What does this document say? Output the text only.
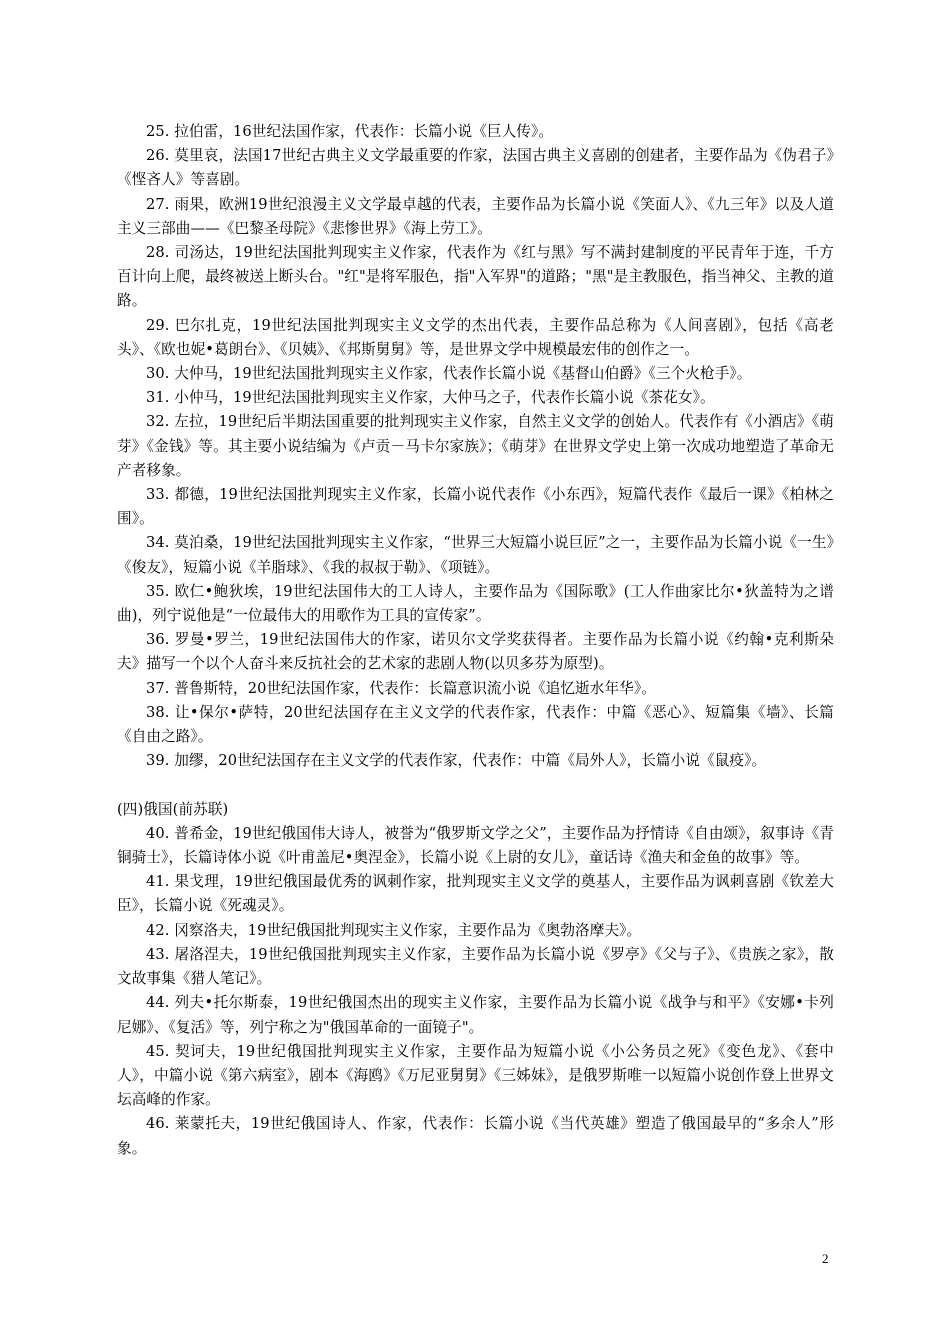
25. 拉伯雷，16世纪法国作家，代表作：长篇小说《巨人传》。

26. 莫里哀，法国17世纪古典主义文学最重要的作家，法国古典主义喜剧的创建者，主要作品为《伪君子》《悭吝人》等喜剧。

27. 雨果，欧洲19世纪浪漫主义文学最卓越的代表，主要作品为长篇小说《笑面人》、《九三年》以及人道主义三部曲——《巴黎圣母院》《悲惨世界》《海上劳工》。

28. 司汤达，19世纪法国批判现实主义作家，代表作为《红与黑》写不满封建制度的平民青年于连，千方百计向上爬，最终被送上断头台。"红"是将军服色，指"入军界"的道路；"黑"是主教服色，指当神父、主教的道路。

29. 巴尔扎克，19世纪法国批判现实主义文学的杰出代表，主要作品总称为《人间喜剧》，包括《高老头》、《欧也妮•葛朗台》、《贝姨》、《邦斯舅舅》等，是世界文学中规模最宏伟的创作之一。

30. 大仲马，19世纪法国批判现实主义作家，代表作长篇小说《基督山伯爵》《三个火枪手》。

31. 小仲马，19世纪法国批判现实主义作家，大仲马之子，代表作长篇小说《茶花女》。

32. 左拉，19世纪后半期法国重要的批判现实主义作家，自然主义文学的创始人。代表作有《小酒店》《萌芽》《金钱》等。其主要小说结编为《卢贡－马卡尔家族》；《萌芽》在世界文学史上第一次成功地塑造了革命无产者移象。

33. 都德，19世纪法国批判现实主义作家，长篇小说代表作《小东西》，短篇代表作《最后一课》《柏林之围》。

34. 莫泊桑，19世纪法国批判现实主义作家，“世界三大短篇小说巨匠”之一，主要作品为长篇小说《一生》《俊友》，短篇小说《羊脂球》、《我的叔叔于勒》、《项链》。

35. 欧仁•鲍狄埃，19世纪法国伟大的工人诗人，主要作品为《国际歌》(工人作曲家比尔•狄盖特为之谱曲)，列宁说他是“一位最伟大的用歌作为工具的宣传家”。

36. 罗曼•罗兰，19世纪法国伟大的作家，诺贝尔文学奖获得者。主要作品为长篇小说《约翰•克利斯朵夫》描写一个以个人奋斗来反抗社会的艺术家的悲剧人物(以贝多芬为原型)。

37. 普鲁斯特，20世纪法国作家，代表作：长篇意识流小说《追忆逝水年华》。

38. 让•保尔•萨特，20世纪法国存在主义文学的代表作家，代表作：中篇《恶心》、短篇集《墙》、长篇《自由之路》。

39. 加缪，20世纪法国存在主义文学的代表作家，代表作：中篇《局外人》，长篇小说《鼠疫》。

(四)俄国(前苏联)

40. 普希金，19世纪俄国伟大诗人，被誉为“俄罗斯文学之父”，主要作品为抒情诗《自由颂》，叙事诗《青铜骑士》，长篇诗体小说《叶甫盖尼•奥涅金》，长篇小说《上尉的女儿》，童话诗《渔夫和金鱼的故事》等。

41. 果戈理，19世纪俄国最优秀的讽刺作家，批判现实主义文学的奠基人，主要作品为讽刺喜剧《钦差大臣》，长篇小说《死魂灵》。

42. 冈察洛夫，19世纪俄国批判现实主义作家，主要作品为《奥勃洛摩夫》。

43. 屠洛涅夫，19世纪俄国批判现实主义作家，主要作品为长篇小说《罗亭》《父与子》、《贵族之家》，散文故事集《猎人笔记》。

44. 列夫•托尔斯泰，19世纪俄国杰出的现实主义作家，主要作品为长篇小说《战争与和平》《安娜•卡列尼娜》、《复活》等，列宁称之为"俄国革命的一面镜子"。

45. 契诃夫，19世纪俄国批判现实主义作家，主要作品为短篇小说《小公务员之死》《变色龙》、《套中人》，中篇小说《第六病室》，剧本《海鸥》《万尼亚舅舅》《三姊妹》，是俄罗斯唯一以短篇小说创作登上世界文坛高峰的作家。

46. 莱蒙托夫，19世纪俄国诗人、作家，代表作：长篇小说《当代英雄》塑造了俄国最早的“多余人”形象。

2
